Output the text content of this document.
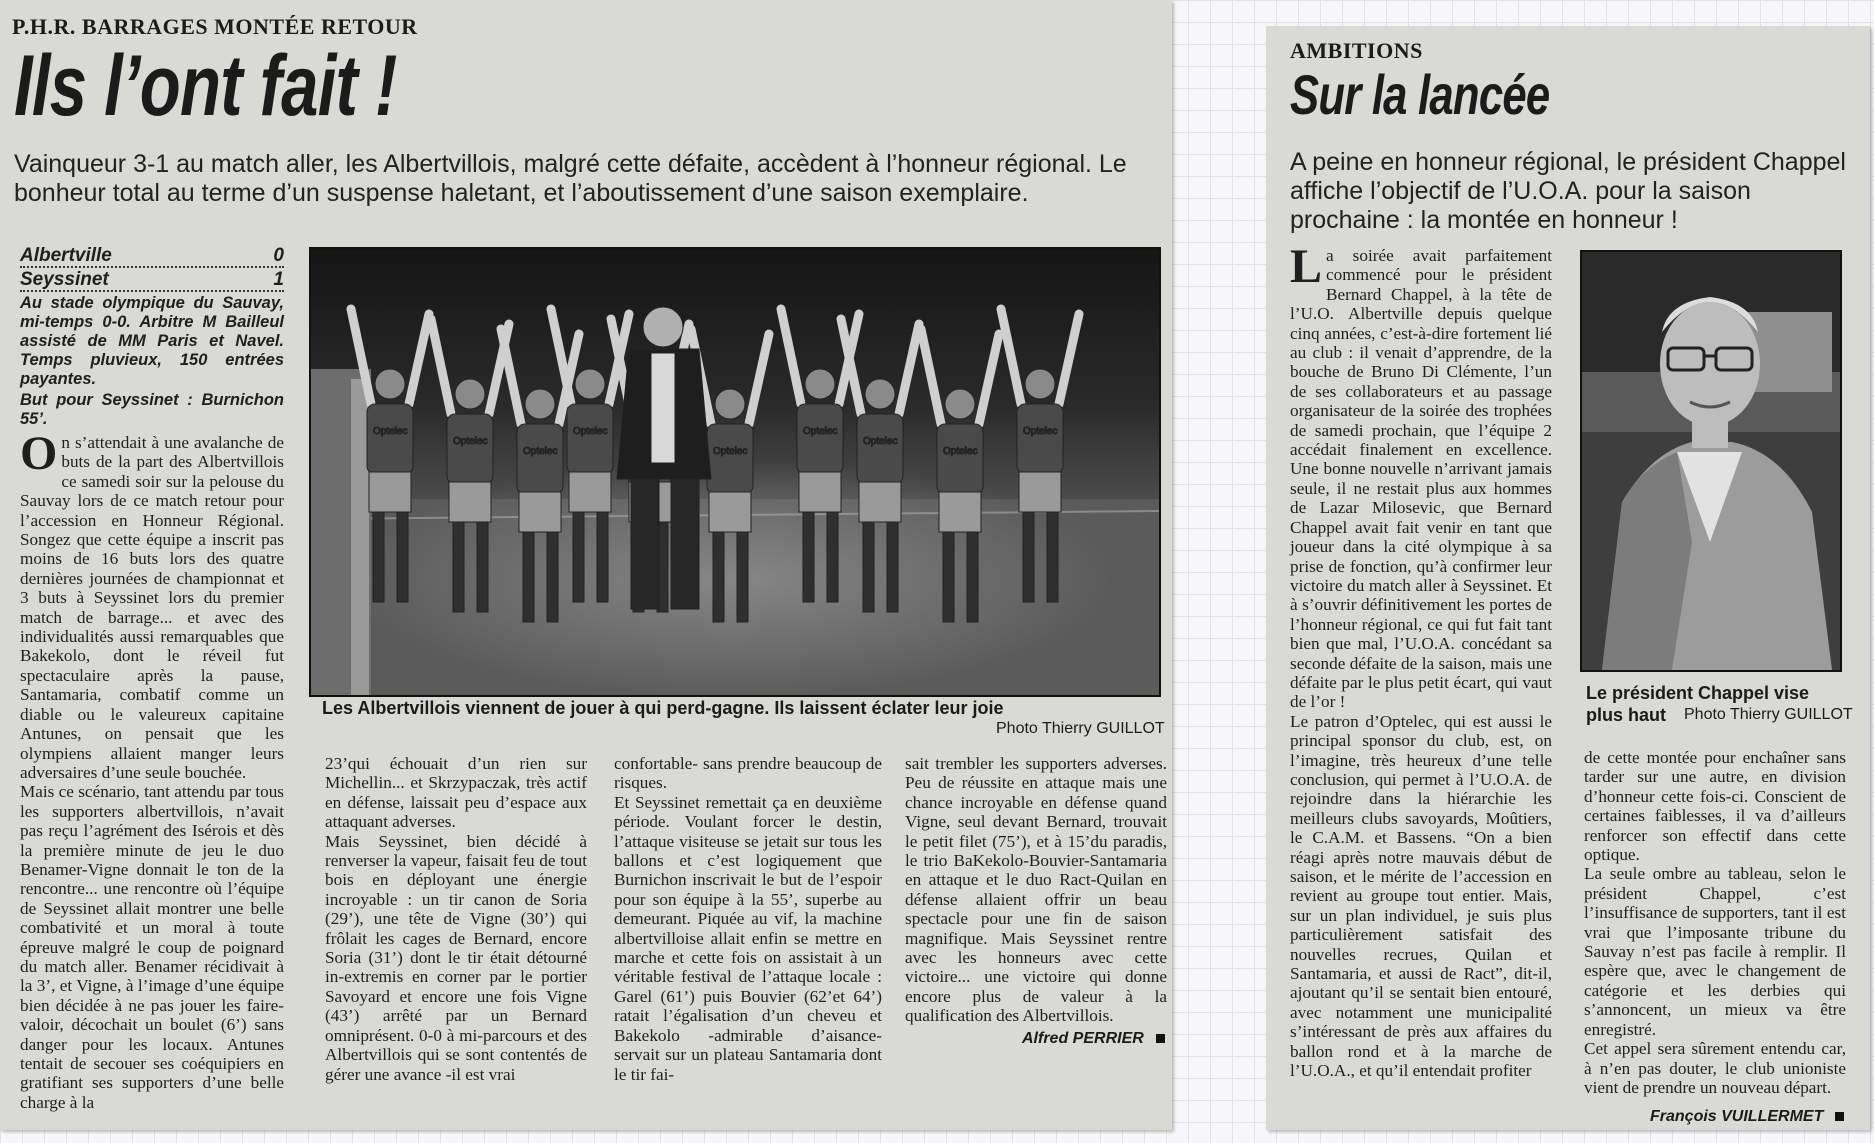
P.H.R. BARRAGES MONTÉE RETOUR
Ils l’ont fait !
Vainqueur 3-1 au match aller, les Albertvillois, malgré cette défaite, accèdent à l’honneur régional. Le bonheur total au terme d’un suspense haletant, et l’aboutissement d’une saison exemplaire.
Albertville	0
Seyssinet	1
Au stade olympique du Sauvay, mi-temps 0-0. Arbitre M Bailleul assisté de MM Paris et Navel. Temps pluvieux, 150 entrées payantes.
But pour Seyssinet : Burnichon 55’.

On s’attendait à une avalanche de buts de la part des Albertvillois ce samedi soir sur la pelouse du Sauvay lors de ce match retour pour l’accession en Honneur Régional. Songez que cette équipe a inscrit pas moins de 16 buts lors des quatre dernières journées de championnat et 3 buts à Seyssinet lors du premier match de barrage... et avec des individualités aussi remarquables que Bakekolo, dont le réveil fut spectaculaire après la pause, Santamaria, combatif comme un diable ou le valeureux capitaine Antunes, on pensait que les olympiens allaient manger leurs adversaires d’une seule bouchée.

Mais ce scénario, tant attendu par tous les supporters albertvillois, n’avait pas reçu l’agrément des Isérois et dès la première minute de jeu le duo Benamer-Vigne donnait le ton de la rencontre... une rencontre où l’équipe de Seyssinet allait montrer une belle combativité et un moral à toute épreuve malgré le coup de poignard du match aller. Benamer récidivait à la 3’, et Vigne, à l’image d’une équipe bien décidée à ne pas jouer les faire-valoir, décochait un boulet (6’) sans danger pour les locaux. Antunes tentait de secouer ses coéquipiers en gratifiant ses supporters d’une belle charge à la

Optelec
Optelec
Optelec
Optelec
Optelec
Optelec
Optelec
Optelec
Optelec
Les Albertvillois viennent de jouer à qui perd-gagne. Ils laissent éclater leur joie
Photo Thierry GUILLOT

23’qui échouait d’un rien sur Michellin... et Skrzypaczak, très actif en défense, laissait peu d’espace aux attaquant adverses.

Mais Seyssinet, bien décidé à renverser la vapeur, faisait feu de tout bois en déployant une énergie incroyable : un tir canon de Soria (29’), une tête de Vigne (30’) qui frôlait les cages de Bernard, encore Soria (31’) dont le tir était détourné in-extremis en corner par le portier Savoyard et encore une fois Vigne (43’) arrêté par un Bernard omniprésent. 0-0 à mi-parcours et des Albertvillois qui se sont contentés de gérer une avance -il est vrai

confortable- sans prendre beaucoup de risques.

Et Seyssinet remettait ça en deuxième période. Voulant forcer le destin, l’attaque visiteuse se jetait sur tous les ballons et c’est logiquement que Burnichon inscrivait le but de l’espoir pour son équipe à la 55’, superbe au demeurant. Piquée au vif, la machine albertvilloise allait enfin se mettre en marche et cette fois on assistait à un véritable festival de l’attaque locale : Garel (61’) puis Bouvier (62’et 64’) ratait l’égalisation d’un cheveu et Bakekolo -admirable d’aisance- servait sur un plateau Santamaria dont le tir fai-

sait trembler les supporters adverses. Peu de réussite en attaque mais une chance incroyable en défense quand Vigne, seul devant Bernard, trouvait le petit filet (75’), et à 15’du paradis, le trio BaKekolo-Bouvier-Santamaria en attaque et le duo Ract-Quilan en défense allaient offrir un beau spectacle pour une fin de saison magnifique. Mais Seyssinet rentre avec les honneurs avec cette victoire... une victoire qui donne encore plus de valeur à la qualification des Albertvillois.

Alfred PERRIER
AMBITIONS
Sur la lancée
A peine en honneur régional, le président Chappel affiche l’objectif de l’U.O.A. pour la saison prochaine : la montée en honneur !

La soirée avait parfaitement commencé pour le président Bernard Chappel, à la tête de l’U.O. Albertville depuis quelque cinq années, c’est-à-dire fortement lié au club : il venait d’apprendre, de la bouche de Bruno Di Clémente, l’un de ses collaborateurs et au passage organisateur de la soirée des trophées de samedi prochain, que l’équipe 2 accédait finalement en excellence. Une bonne nouvelle n’arrivant jamais seule, il ne restait plus aux hommes de Lazar Milosevic, que Bernard Chappel avait fait venir en tant que joueur dans la cité olympique à sa prise de fonction, qu’à confirmer leur victoire du match aller à Seyssinet. Et à s’ouvrir définitivement les portes de l’honneur régional, ce qui fut fait tant bien que mal, l’U.O.A. concédant sa seconde défaite de la saison, mais une défaite par le plus petit écart, qui vaut de l’or !

Le patron d’Optelec, qui est aussi le principal sponsor du club, est, on l’imagine, très heureux d’une telle conclusion, qui permet à l’U.O.A. de rejoindre dans la hiérarchie les meilleurs clubs savoyards, Moûtiers, le C.A.M. et Bassens. “On a bien réagi après notre mauvais début de saison, et le mérite de l’accession en revient au groupe tout entier. Mais, sur un plan individuel, je suis plus particulièrement satisfait des nouvelles recrues, Quilan et Santamaria, et aussi de Ract”, dit-il, ajoutant qu’il se sentait bien entouré, avec notamment une municipalité s’intéressant de près aux affaires du ballon rond et à la marche de l’U.O.A., et qu’il entendait profiter

Le président Chappel vise plus haut	Photo Thierry GUILLOT

de cette montée pour enchaîner sans tarder sur une autre, en division d’honneur cette fois-ci. Conscient de certaines faiblesses, il va d’ailleurs renforcer son effectif dans cette optique.

La seule ombre au tableau, selon le président Chappel, c’est l’insuffisance de supporters, tant il est vrai que l’imposante tribune du Sauvay n’est pas facile à remplir. Il espère que, avec le changement de catégorie et les derbies qui s’annoncent, un mieux va être enregistré.

Cet appel sera sûrement entendu car, à n’en pas douter, le club unioniste vient de prendre un nouveau départ.

François VUILLERMET
